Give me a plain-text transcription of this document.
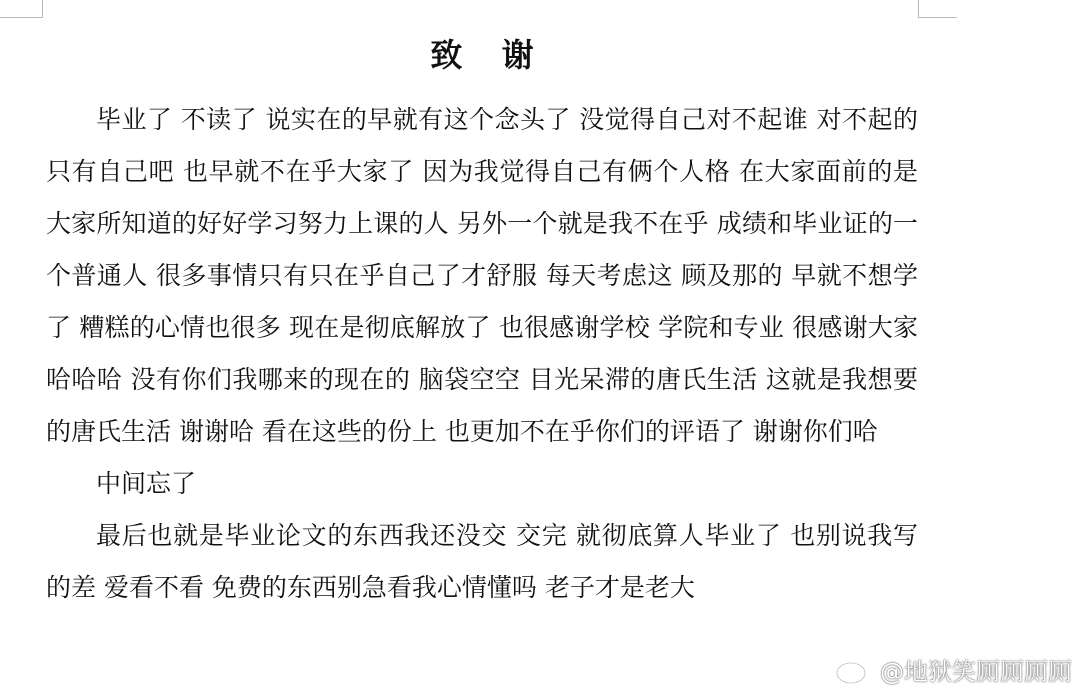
致 谢

毕业了 不读了 说实在的早就有这个念头了 没觉得自己对不起谁 对不起的只有自己吧 也早就不在乎大家了 因为我觉得自己有俩个人格 在大家面前的是大家所知道的好好学习努力上课的人 另外一个就是我不在乎 成绩和毕业证的一个普通人 很多事情只有只在乎自己了才舒服 每天考虑这 顾及那的 早就不想学了 糟糕的心情也很多 现在是彻底解放了 也很感谢学校 学院和专业 很感谢大家 哈哈哈 没有你们我哪来的现在的 脑袋空空 目光呆滞的唐氏生活 这就是我想要的唐氏生活 谢谢哈 看在这些的份上 也更加不在乎你们的评语了 谢谢你们哈

中间忘了

最后也就是毕业论文的东西我还没交 交完 就彻底算人毕业了 也别说我写的差 爱看不看 免费的东西别急看我心情懂吗 老子才是老大

@地狱笑厕厕厕厕
